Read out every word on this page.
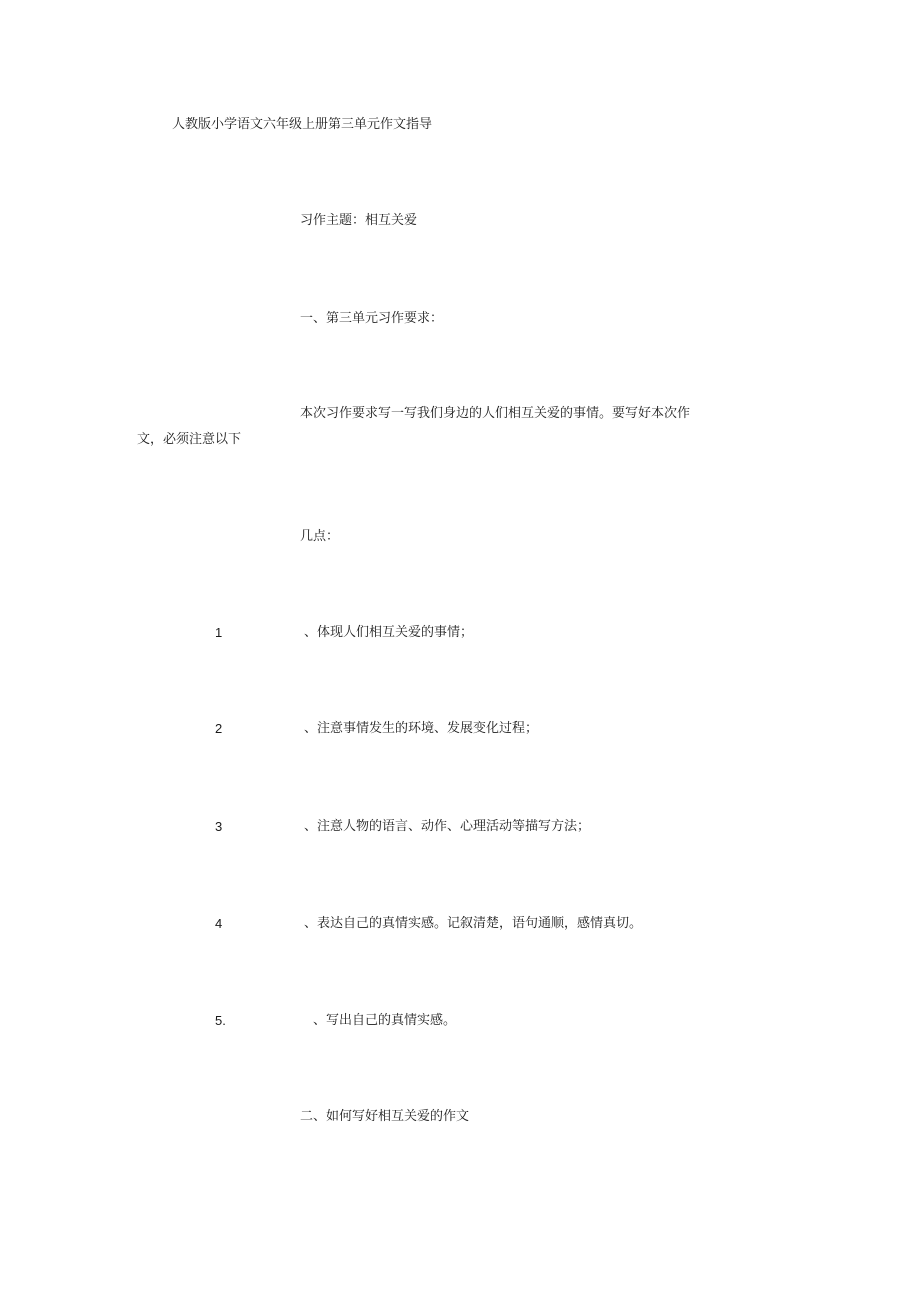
人教版小学语文六年级上册第三单元作文指导
习作主题：相互关爱
一、第三单元习作要求：
本次习作要求写一写我们身边的人们相互关爱的事情。要写好本次作
文，必须注意以下
几点：
1	、体现人们相互关爱的事情；
2	、注意事情发生的环境、发展变化过程；
3	、注意人物的语言、动作、心理活动等描写方法；
4	、表达自己的真情实感。记叙清楚，语句通顺，感情真切。
5.	、写出自己的真情实感。
二、如何写好相互关爱的作文
